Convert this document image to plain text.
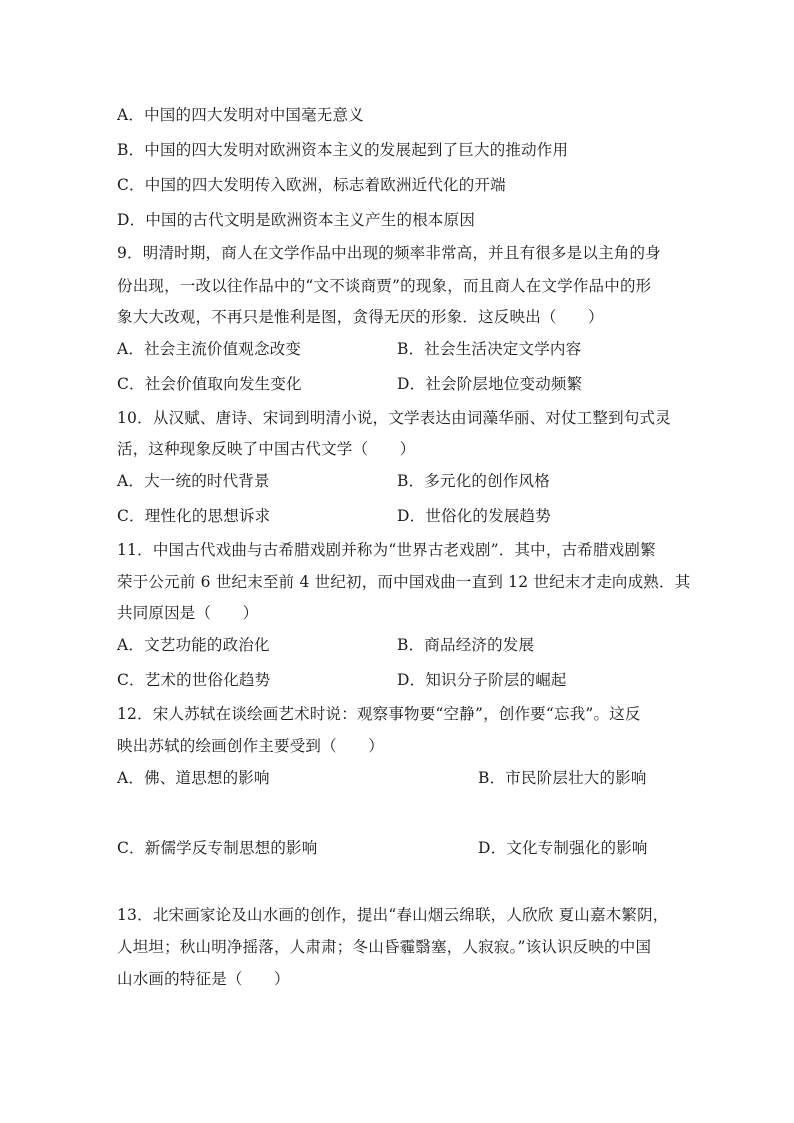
A．中国的四大发明对中国毫无意义
B．中国的四大发明对欧洲资本主义的发展起到了巨大的推动作用
C．中国的四大发明传入欧洲，标志着欧洲近代化的开端
D．中国的古代文明是欧洲资本主义产生的根本原因
9．明清时期，商人在文学作品中出现的频率非常高，并且有很多是以主角的身
份出现，一改以往作品中的“文不谈商贾”的现象，而且商人在文学作品中的形
象大大改观，不再只是惟利是图，贪得无厌的形象．这反映出（　　）
A．社会主流价值观念改变	B．社会生活决定文学内容
C．社会价值取向发生变化	D．社会阶层地位变动频繁
10．从汉赋、唐诗、宋词到明清小说，文学表达由词藻华丽、对仗工整到句式灵
活，这种现象反映了中国古代文学（　　）
A．大一统的时代背景	B．多元化的创作风格
C．理性化的思想诉求	D．世俗化的发展趋势
11．中国古代戏曲与古希腊戏剧并称为“世界古老戏剧”．其中，古希腊戏剧繁
荣于公元前 6 世纪末至前 4 世纪初，而中国戏曲一直到 12 世纪末才走向成熟．其
共同原因是（　　）
A．文艺功能的政治化	B．商品经济的发展
C．艺术的世俗化趋势	D．知识分子阶层的崛起
12．宋人苏轼在谈绘画艺术时说：观察事物要“空静”，创作要“忘我”。这反
映出苏轼的绘画创作主要受到（　　）
A．佛、道思想的影响	B．市民阶层壮大的影响
C．新儒学反专制思想的影响	D．文化专制强化的影响
13．北宋画家论及山水画的创作，提出“春山烟云绵联，人欣欣 夏山嘉木繁阴，
人坦坦；秋山明净摇落，人肃肃；冬山昏霾翳塞，人寂寂。”该认识反映的中国
山水画的特征是（　　）
